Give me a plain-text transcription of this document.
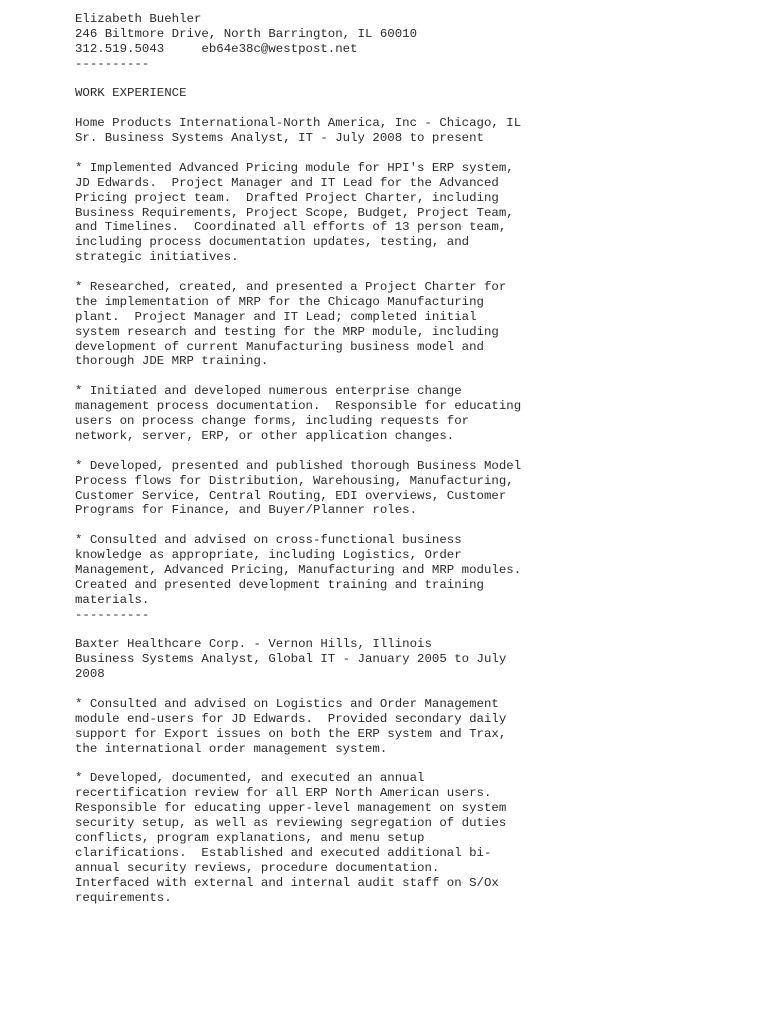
Elizabeth Buehler
246 Biltmore Drive, North Barrington, IL 60010
312.519.5043     eb64e38c@westpost.net
----------
WORK EXPERIENCE
Home Products International-North America, Inc - Chicago, IL
Sr. Business Systems Analyst, IT - July 2008 to present
* Implemented Advanced Pricing module for HPI's ERP system,
JD Edwards.  Project Manager and IT Lead for the Advanced
Pricing project team.  Drafted Project Charter, including
Business Requirements, Project Scope, Budget, Project Team,
and Timelines.  Coordinated all efforts of 13 person team,
including process documentation updates, testing, and
strategic initiatives.
* Researched, created, and presented a Project Charter for
the implementation of MRP for the Chicago Manufacturing
plant.  Project Manager and IT Lead; completed initial
system research and testing for the MRP module, including
development of current Manufacturing business model and
thorough JDE MRP training.
* Initiated and developed numerous enterprise change
management process documentation.  Responsible for educating
users on process change forms, including requests for
network, server, ERP, or other application changes.
* Developed, presented and published thorough Business Model
Process flows for Distribution, Warehousing, Manufacturing,
Customer Service, Central Routing, EDI overviews, Customer
Programs for Finance, and Buyer/Planner roles.
* Consulted and advised on cross-functional business
knowledge as appropriate, including Logistics, Order
Management, Advanced Pricing, Manufacturing and MRP modules.
Created and presented development training and training
materials.
----------
Baxter Healthcare Corp. - Vernon Hills, Illinois
Business Systems Analyst, Global IT - January 2005 to July
2008
* Consulted and advised on Logistics and Order Management
module end-users for JD Edwards.  Provided secondary daily
support for Export issues on both the ERP system and Trax,
the international order management system.
* Developed, documented, and executed an annual
recertification review for all ERP North American users.
Responsible for educating upper-level management on system
security setup, as well as reviewing segregation of duties
conflicts, program explanations, and menu setup
clarifications.  Established and executed additional bi-
annual security reviews, procedure documentation.
Interfaced with external and internal audit staff on S/Ox
requirements.
